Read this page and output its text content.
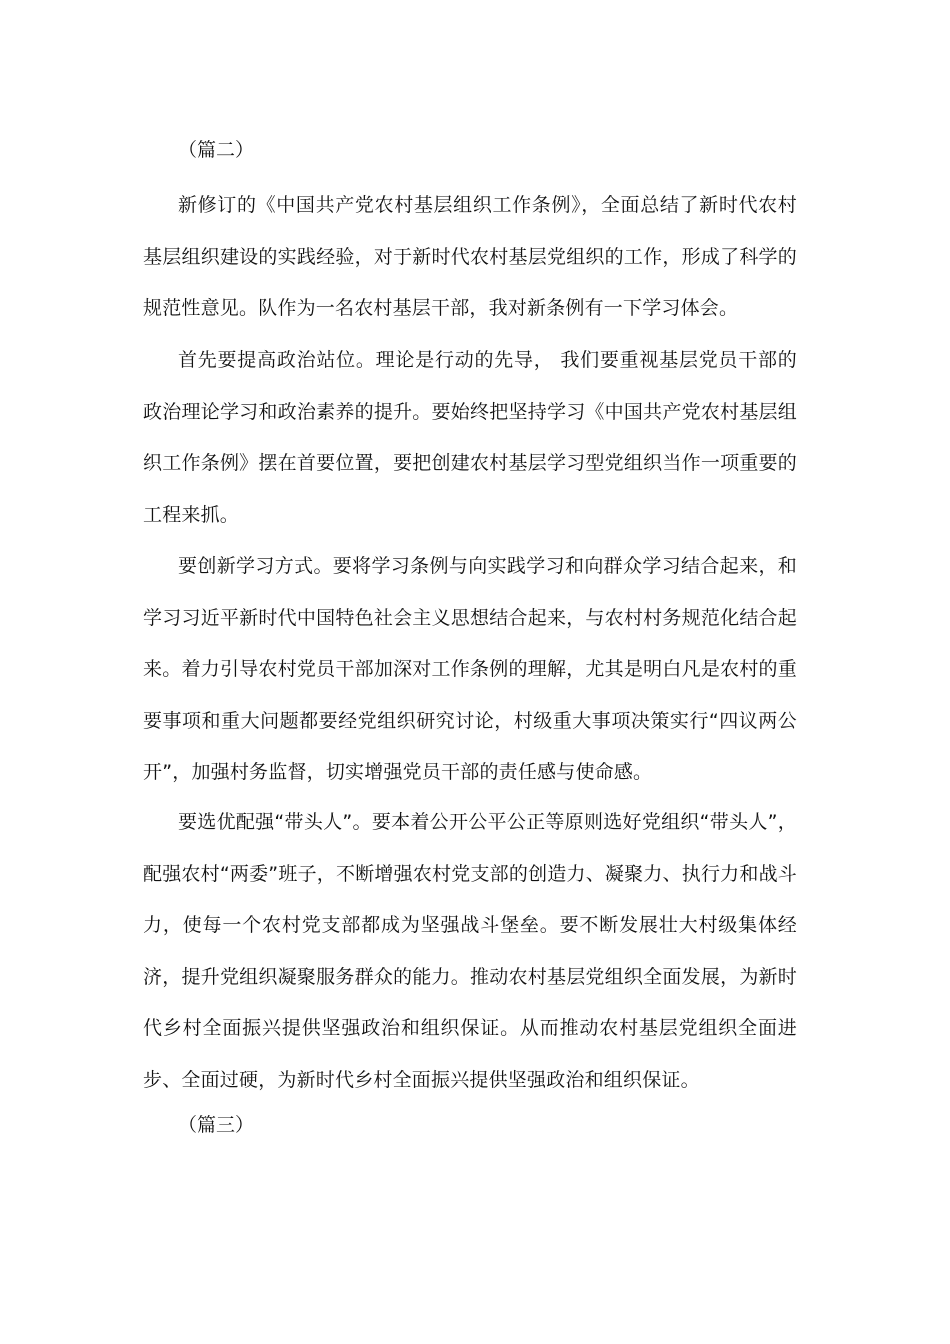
（篇二）

新修订的《中国共产党农村基层组织工作条例》，全面总结了新时代农村基层组织建设的实践经验，对于新时代农村基层党组织的工作，形成了科学的规范性意见。队作为一名农村基层干部，我对新条例有一下学习体会。

首先要提高政治站位。理论是行动的先导， 我们要重视基层党员干部的政治理论学习和政治素养的提升。要始终把坚持学习《中国共产党农村基层组织工作条例》摆在首要位置，要把创建农村基层学习型党组织当作一项重要的工程来抓。

要创新学习方式。要将学习条例与向实践学习和向群众学习结合起来，和学习习近平新时代中国特色社会主义思想结合起来，与农村村务规范化结合起来。着力引导农村党员干部加深对工作条例的理解，尤其是明白凡是农村的重要事项和重大问题都要经党组织研究讨论，村级重大事项决策实行“四议两公开”，加强村务监督，切实增强党员干部的责任感与使命感。

要选优配强“带头人”。要本着公开公平公正等原则选好党组织“带头人”，配强农村“两委”班子，不断增强农村党支部的创造力、凝聚力、执行力和战斗力，使每一个农村党支部都成为坚强战斗堡垒。要不断发展壮大村级集体经济，提升党组织凝聚服务群众的能力。推动农村基层党组织全面发展，为新时代乡村全面振兴提供坚强政治和组织保证。从而推动农村基层党组织全面进步、全面过硬，为新时代乡村全面振兴提供坚强政治和组织保证。

（篇三）
